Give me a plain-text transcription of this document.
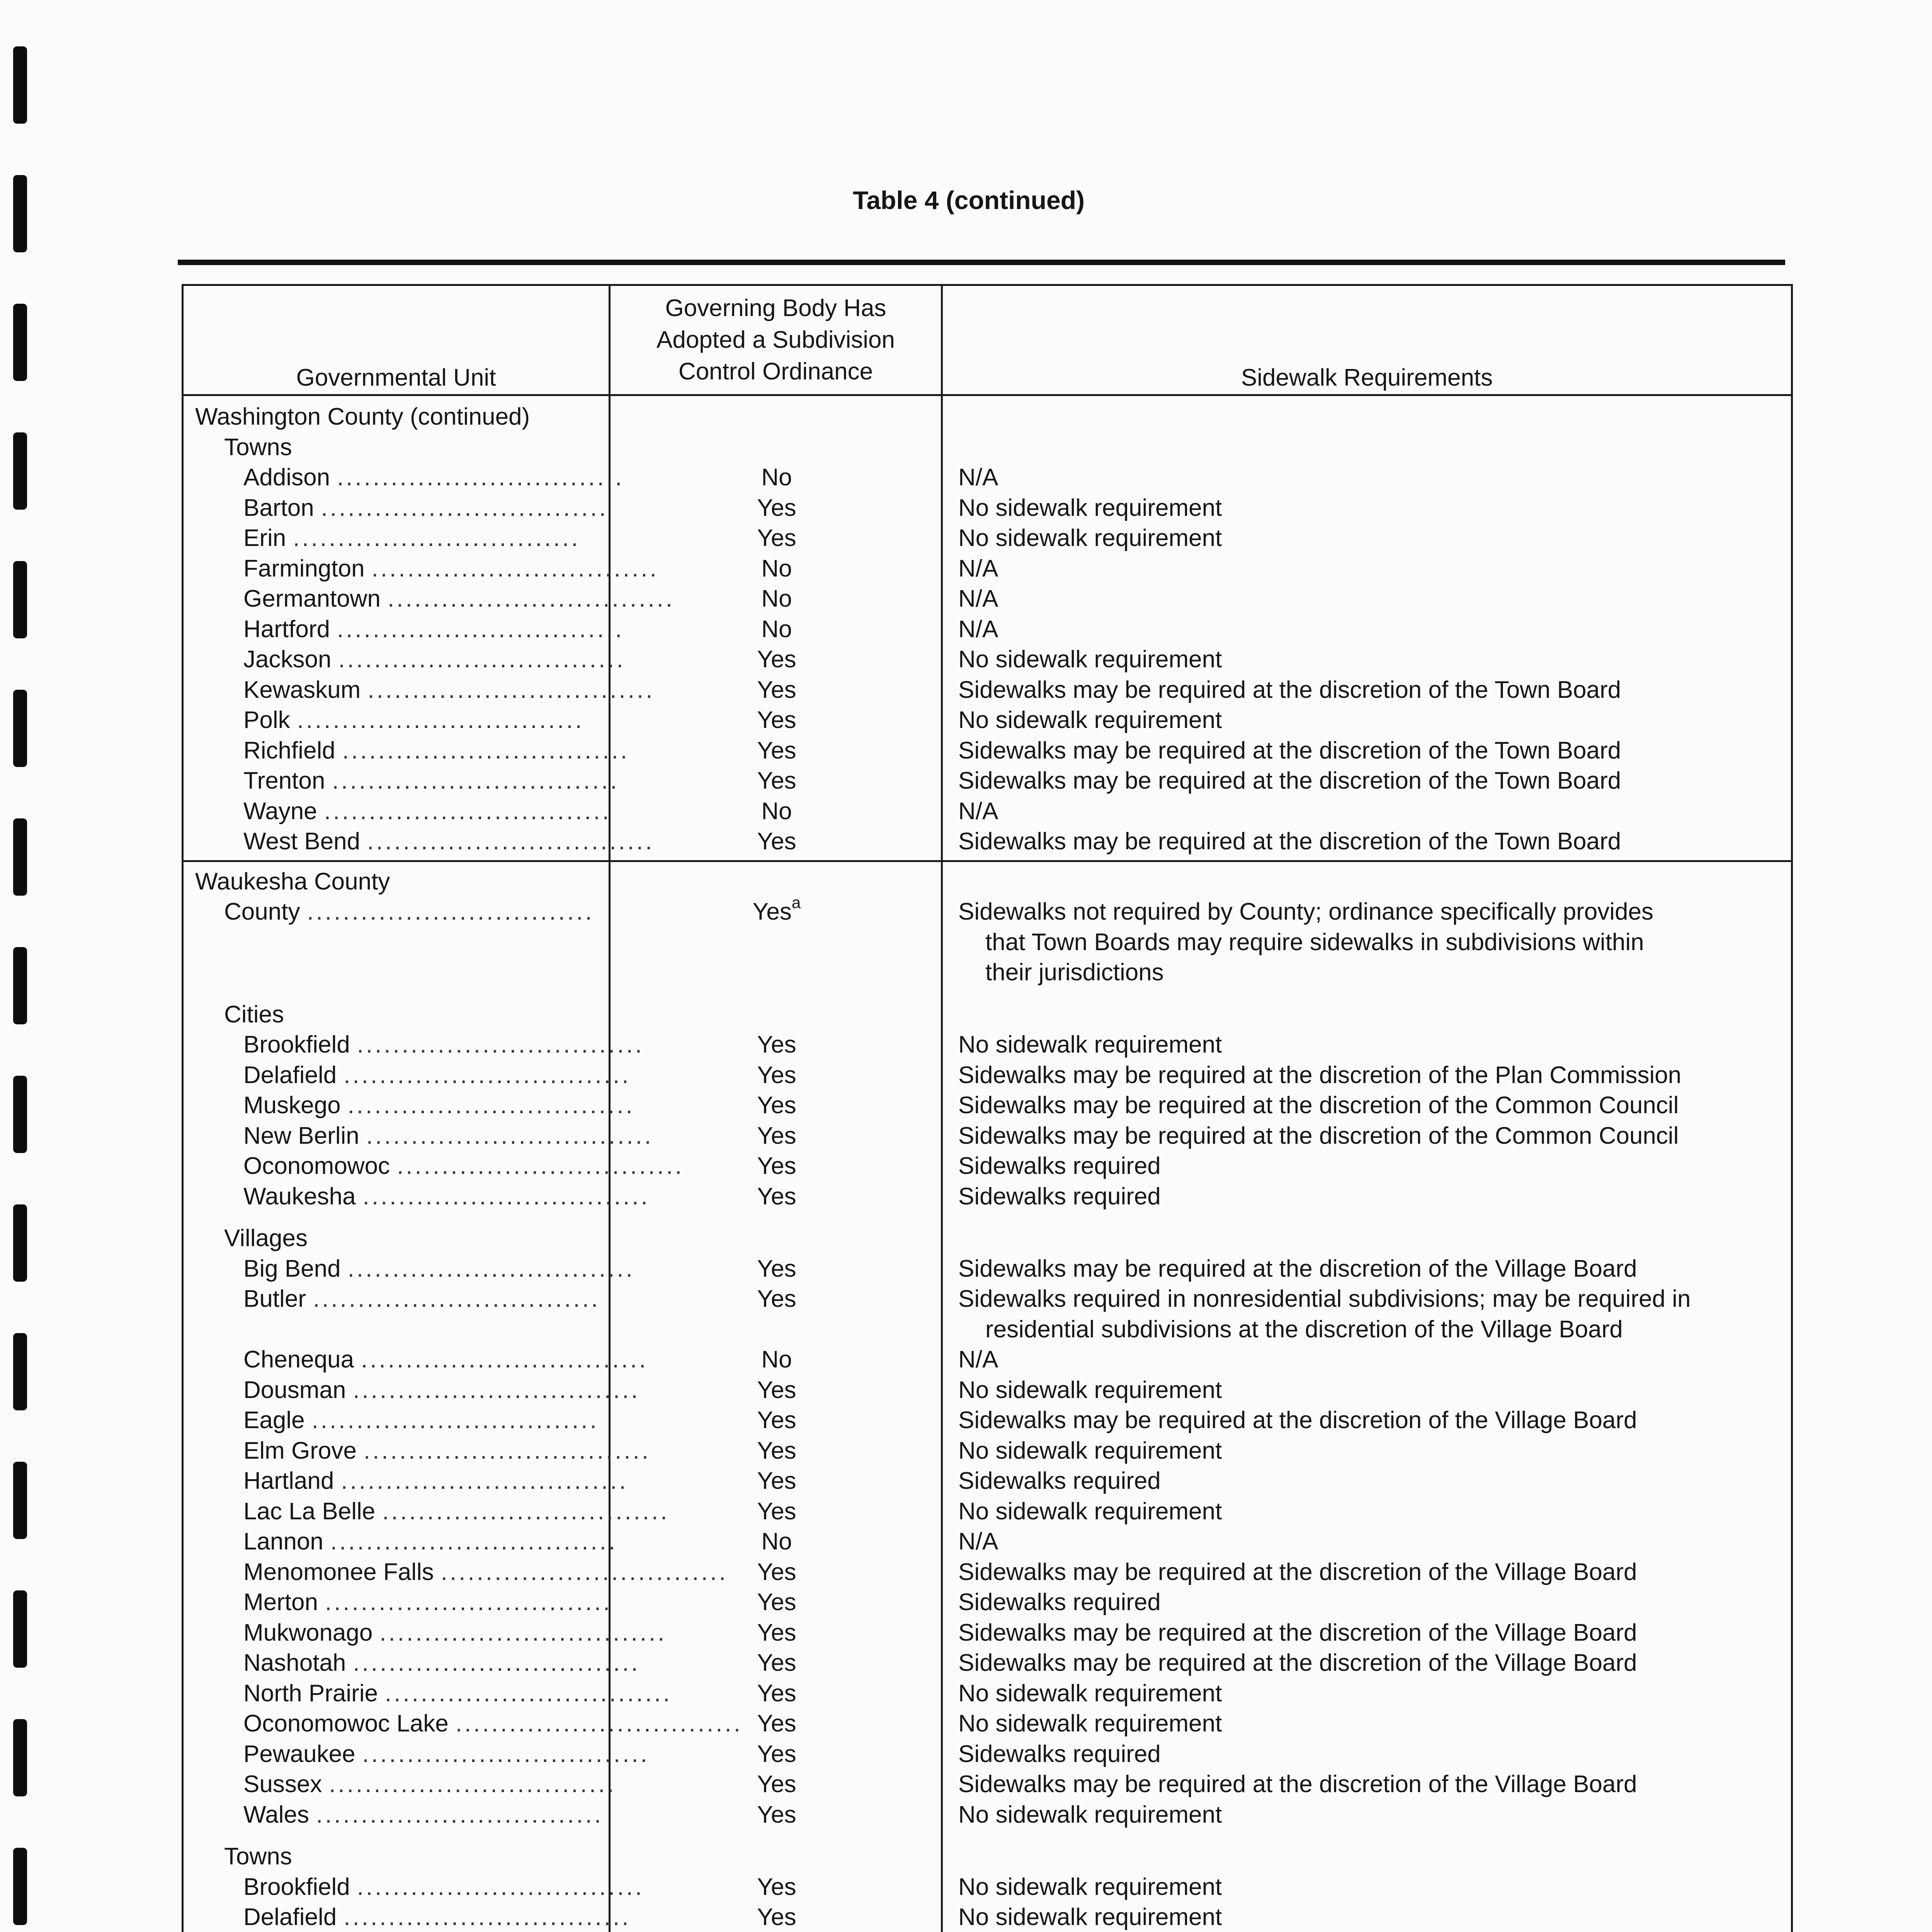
Table 4 (continued)
Governmental Unit
Governing Body Has
Adopted a Subdivision
Control Ordinance	Sidewalk Requirements
Washington County (continued)
Towns
Addison ................................	No	N/A
Barton ................................	Yes	No sidewalk requirement
Erin ................................	Yes	No sidewalk requirement
Farmington ................................	No	N/A
Germantown ................................	No	N/A
Hartford ................................	No	N/A
Jackson ................................	Yes	No sidewalk requirement
Kewaskum ................................	Yes	Sidewalks may be required at the discretion of the Town Board
Polk ................................	Yes	No sidewalk requirement
Richfield ................................	Yes	Sidewalks may be required at the discretion of the Town Board
Trenton ................................	Yes	Sidewalks may be required at the discretion of the Town Board
Wayne ................................	No	N/A
West Bend ................................	Yes	Sidewalks may be required at the discretion of the Town Board
Waukesha County
County ................................	Yes$^a$	Sidewalks not required by County; ordinance specifically provides
that Town Boards may require sidewalks in subdivisions within
their jurisdictions
Cities
Brookfield ................................	Yes	No sidewalk requirement
Delafield ................................	Yes	Sidewalks may be required at the discretion of the Plan Commission
Muskego ................................	Yes	Sidewalks may be required at the discretion of the Common Council
New Berlin ................................	Yes	Sidewalks may be required at the discretion of the Common Council
Oconomowoc ................................	Yes	Sidewalks required
Waukesha ................................	Yes	Sidewalks required
Villages
Big Bend ................................	Yes	Sidewalks may be required at the discretion of the Village Board
Butler ................................	Yes	Sidewalks required in nonresidential subdivisions; may be required in
residential subdivisions at the discretion of the Village Board
Chenequa ................................	No	N/A
Dousman ................................	Yes	No sidewalk requirement
Eagle ................................	Yes	Sidewalks may be required at the discretion of the Village Board
Elm Grove ................................	Yes	No sidewalk requirement
Hartland ................................	Yes	Sidewalks required
Lac La Belle ................................	Yes	No sidewalk requirement
Lannon ................................	No	N/A
Menomonee Falls ................................	Yes	Sidewalks may be required at the discretion of the Village Board
Merton ................................	Yes	Sidewalks required
Mukwonago ................................	Yes	Sidewalks may be required at the discretion of the Village Board
Nashotah ................................	Yes	Sidewalks may be required at the discretion of the Village Board
North Prairie ................................	Yes	No sidewalk requirement
Oconomowoc Lake ................................ Yes	No sidewalk requirement
Pewaukee ................................	Yes	Sidewalks required
Sussex ................................	Yes	Sidewalks may be required at the discretion of the Village Board
Wales ................................	Yes	No sidewalk requirement
Towns
Brookfield ................................	Yes	No sidewalk requirement
Delafield ................................	Yes	No sidewalk requirement
